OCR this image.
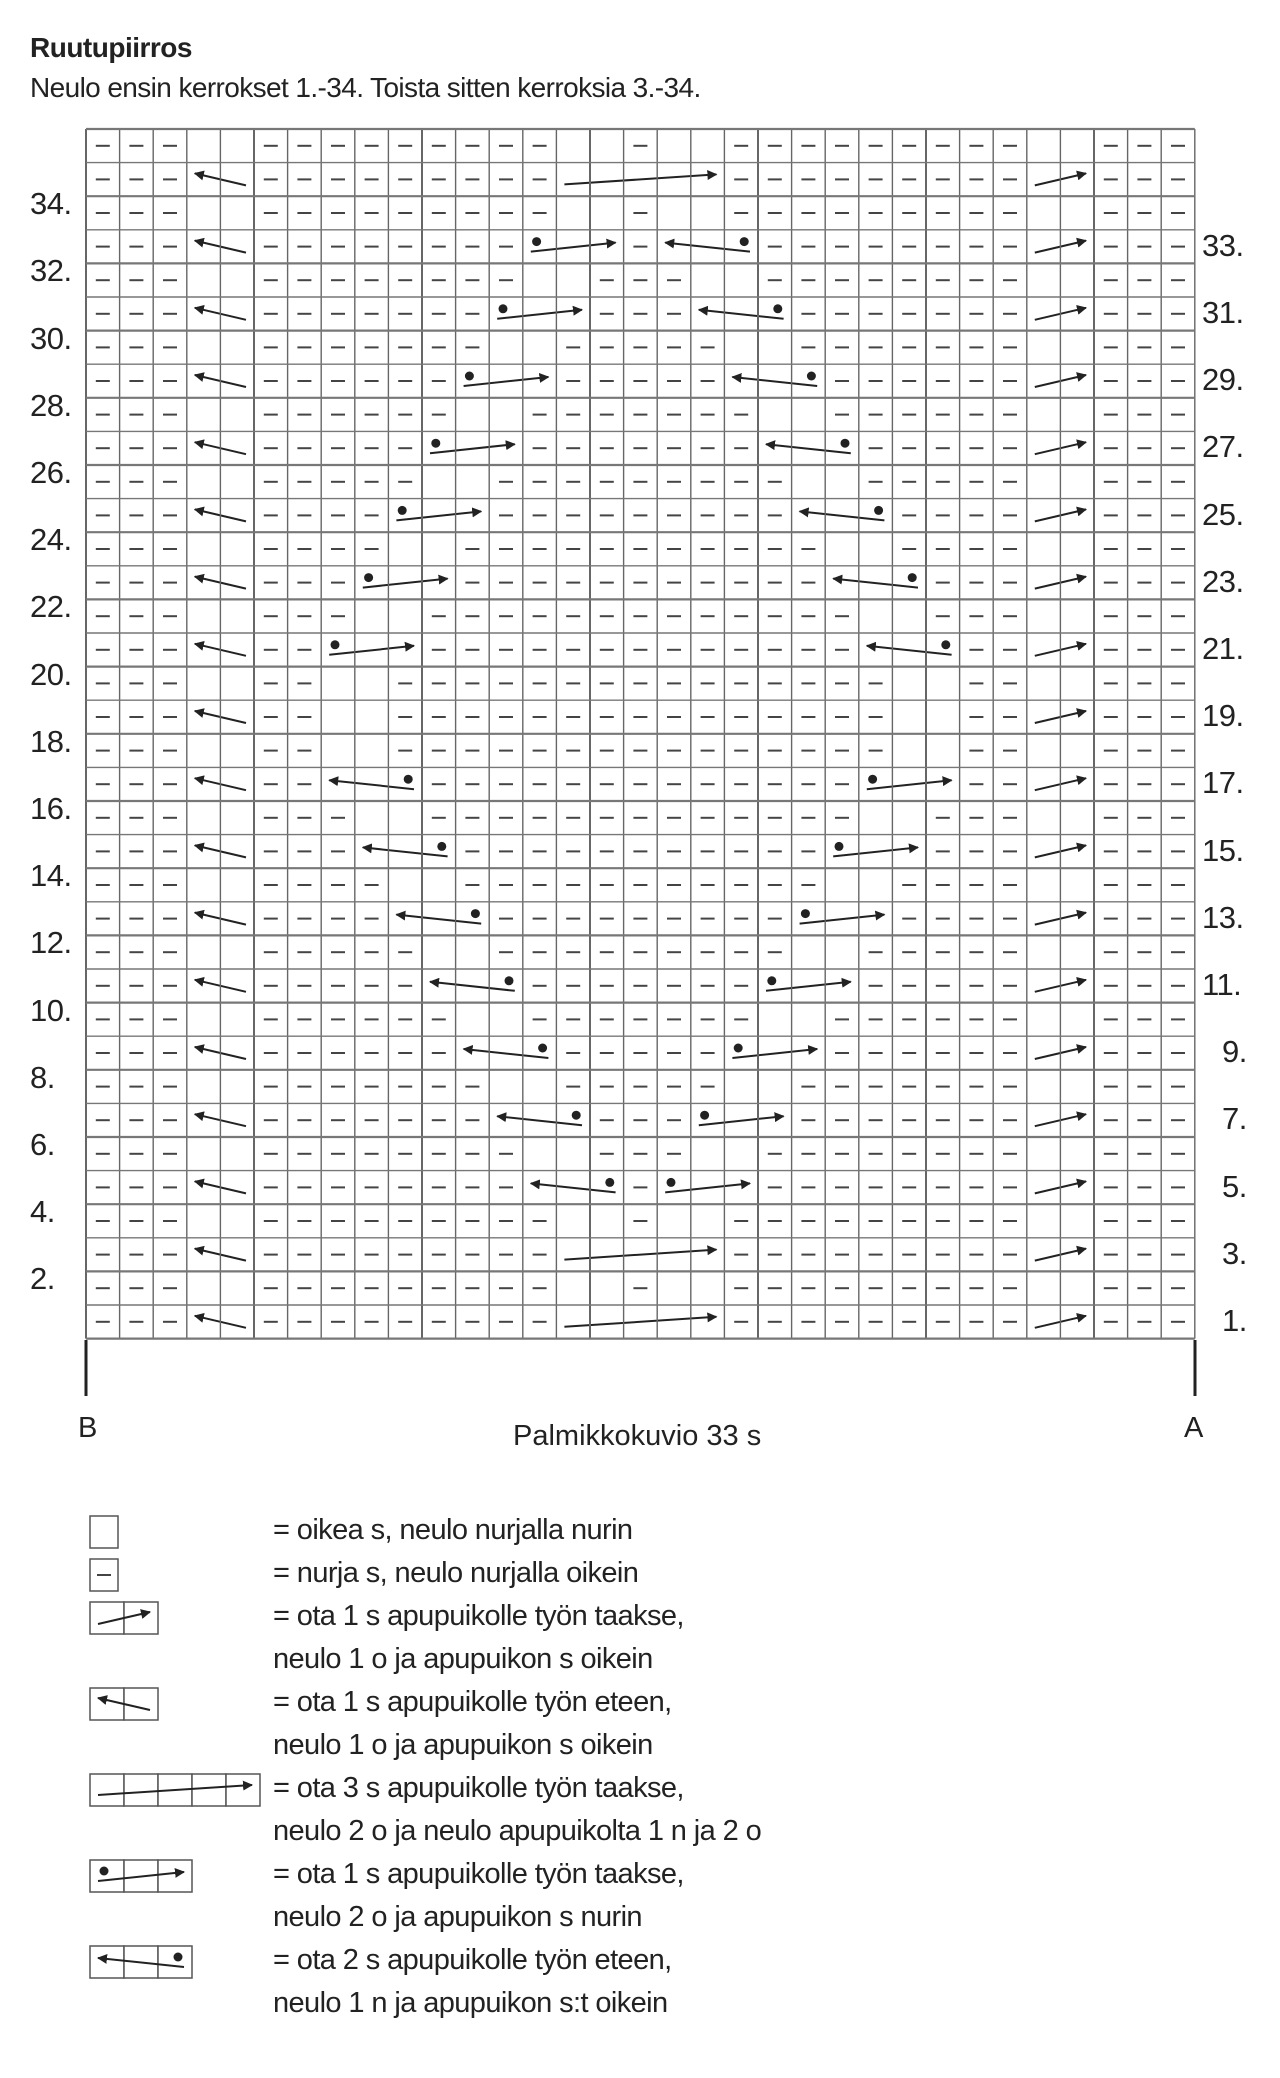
Ruutupiirros
Neulo ensin kerrokset 1.-34. Toista sitten kerroksia 3.-34.
34.
32.
30.
28.
26.
24.
22.
20.
18.
16.
14.
12.
10.
8.
6.
4.
2.
33.
31.
29.
27.
25.
23.
21.
19.
17.
15.
13.
11.
9.
7.
5.
3.
1.
B	Palmikkokuvio 33 s	A
= oikea s, neulo nurjalla nurin
= nurja s, neulo nurjalla oikein
= ota 1 s apupuikolle työn taakse,
neulo 1 o ja apupuikon s oikein
= ota 1 s apupuikolle työn eteen,
neulo 1 o ja apupuikon s oikein
= ota 3 s apupuikolle työn taakse,
neulo 2 o ja neulo apupuikolta 1 n ja 2 o
= ota 1 s apupuikolle työn taakse,
neulo 2 o ja apupuikon s nurin
= ota 2 s apupuikolle työn eteen,
neulo 1 n ja apupuikon s:t oikein
